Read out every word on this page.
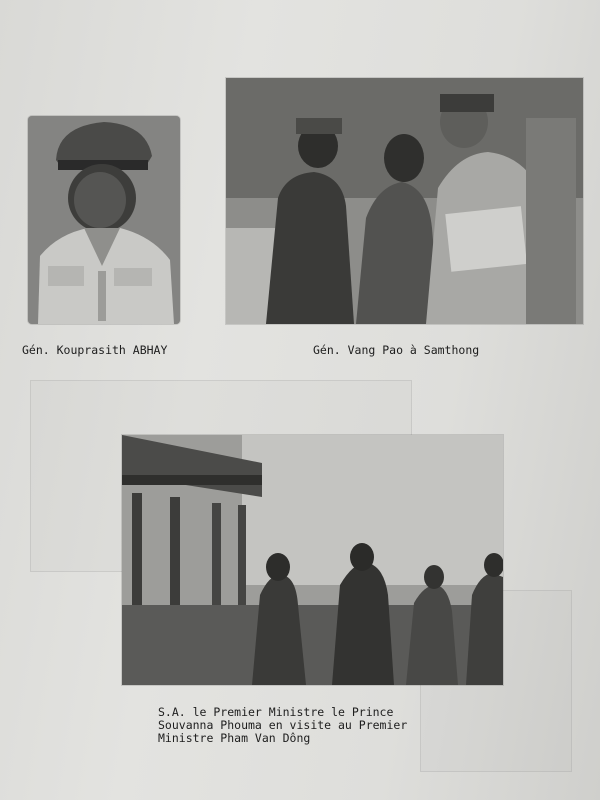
Gén. Kouprasith ABHAY	Gén. Vang Pao à Samthong
S.A. le Premier Ministre le Prince
Souvanna Phouma en visite au Premier
Ministre Pham Van Dông
